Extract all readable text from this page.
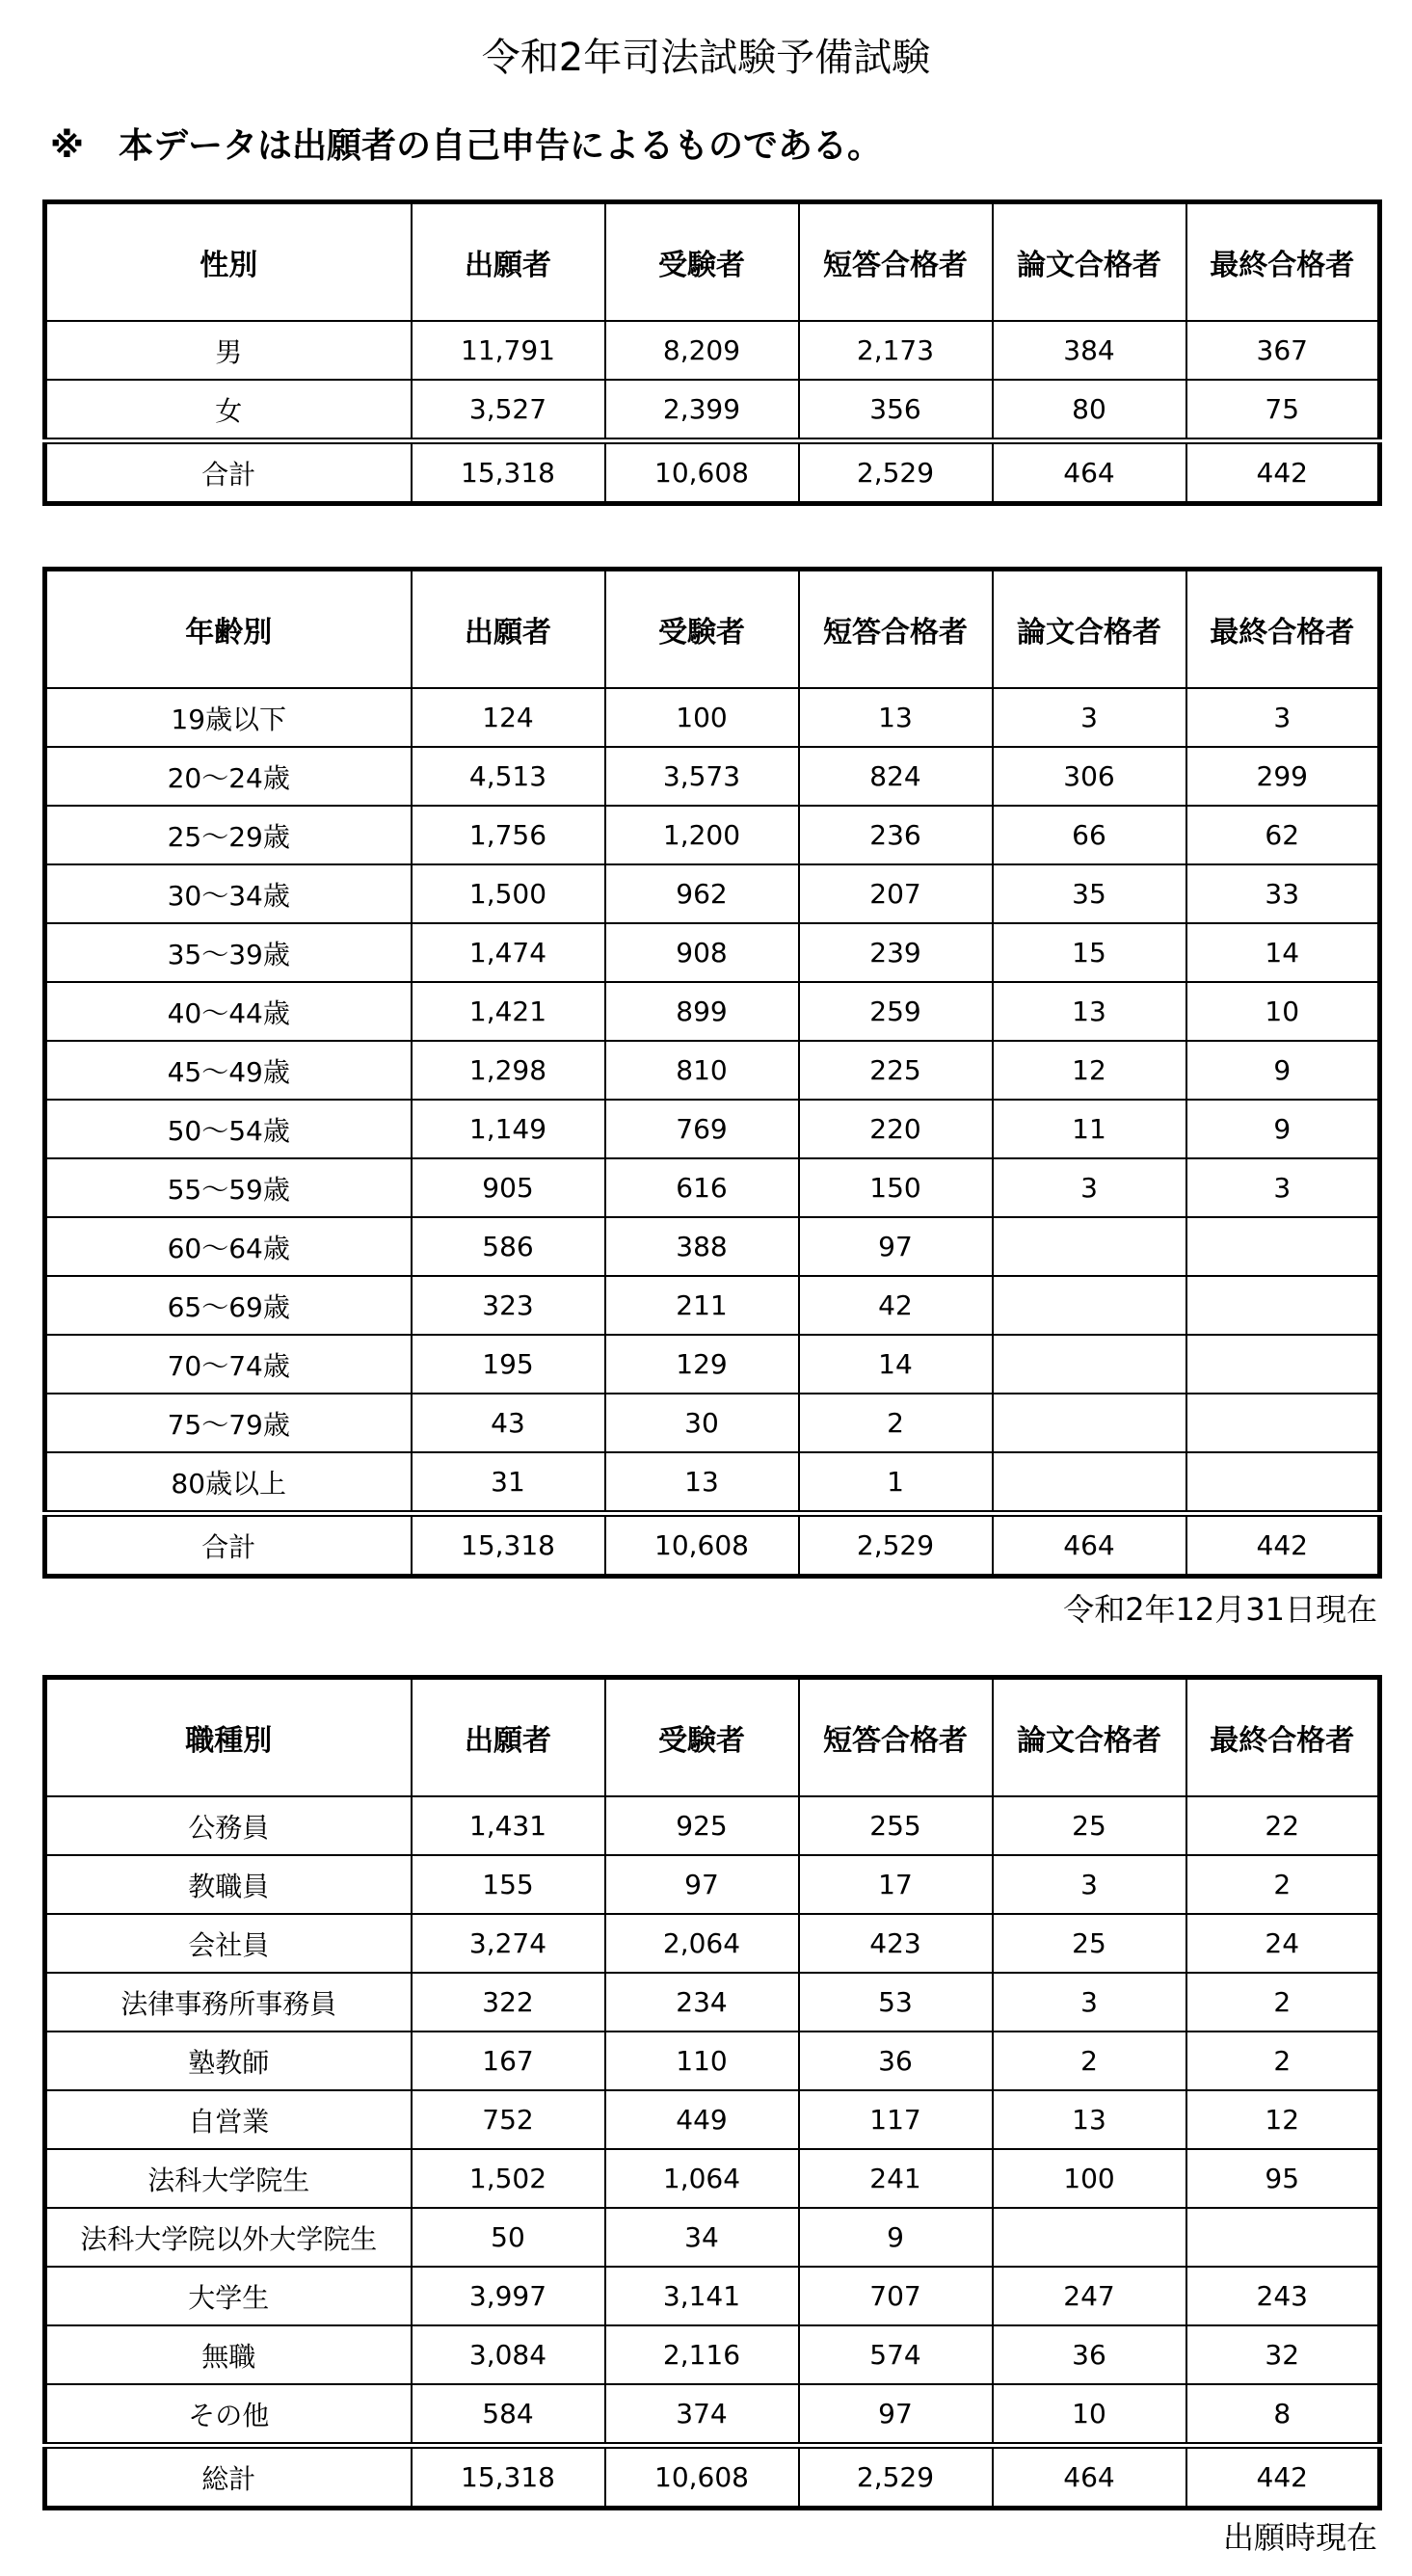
令和2年司法試験予備試験
※　本データは出願者の自己申告によるものである。
性別	出願者	受験者	短答合格者	論文合格者	最終合格者
男	11,791	8,209	2,173	384	367
女	3,527	2,399	356	80	75
合計	15,318	10,608	2,529	464	442
年齢別	出願者	受験者	短答合格者	論文合格者	最終合格者
19歳以下	124	100	13	3	3
20～24歳	4,513	3,573	824	306	299
25～29歳	1,756	1,200	236	66	62
30～34歳	1,500	962	207	35	33
35～39歳	1,474	908	239	15	14
40～44歳	1,421	899	259	13	10
45～49歳	1,298	810	225	12	9
50～54歳	1,149	769	220	11	9
55～59歳	905	616	150	3	3
60～64歳	586	388	97		
65～69歳	323	211	42		
70～74歳	195	129	14		
75～79歳	43	30	2		
80歳以上	31	13	1		
合計	15,318	10,608	2,529	464	442
令和2年12月31日現在
職種別	出願者	受験者	短答合格者	論文合格者	最終合格者
公務員	1,431	925	255	25	22
教職員	155	97	17	3	2
会社員	3,274	2,064	423	25	24
法律事務所事務員	322	234	53	3	2
塾教師	167	110	36	2	2
自営業	752	449	117	13	12
法科大学院生	1,502	1,064	241	100	95
法科大学院以外大学院生	50	34	9		
大学生	3,997	3,141	707	247	243
無職	3,084	2,116	574	36	32
その他	584	374	97	10	8
総計	15,318	10,608	2,529	464	442
出願時現在
